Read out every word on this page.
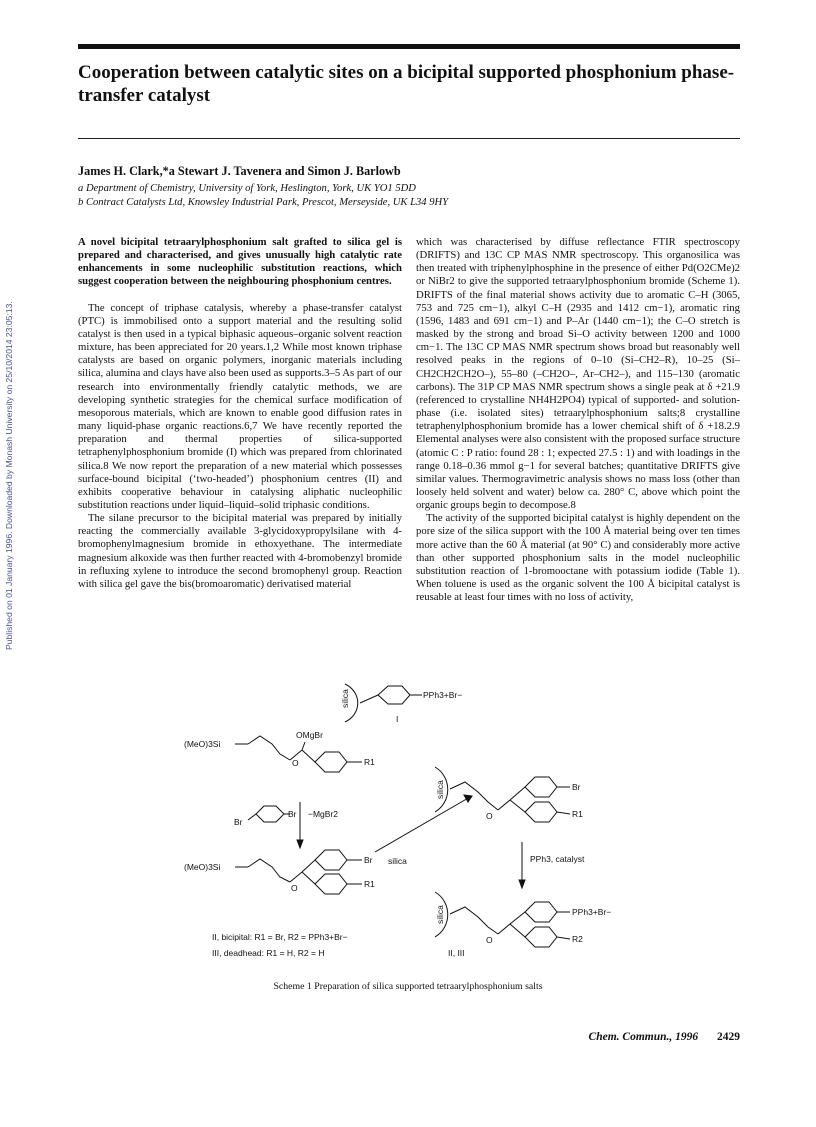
Published on 01 January 1996. Downloaded by Monash University on 25/10/2014 23:05:13.
Cooperation between catalytic sites on a bicipital supported phosphonium phase-transfer catalyst
James H. Clark,*a Stewart J. Tavenera and Simon J. Barlowb
a Department of Chemistry, University of York, Heslington, York, UK YO1 5DD
b Contract Catalysts Ltd, Knowsley Industrial Park, Prescot, Merseyside, UK L34 9HY

A novel bicipital tetraarylphosphonium salt grafted to silica gel is prepared and characterised, and gives unusually high catalytic rate enhancements in some nucleophilic substitution reactions, which suggest cooperation between the neighbouring phosphonium centres.

The concept of triphase catalysis, whereby a phase-transfer catalyst (PTC) is immobilised onto a support material and the resulting solid catalyst is then used in a typical biphasic aqueous–organic solvent reaction mixture, has been appreciated for 20 years.1,2 While most known triphase catalysts are based on organic polymers, inorganic materials including silica, alumina and clays have also been used as supports.3–5 As part of our research into environmentally friendly catalytic methods, we are developing synthetic strategies for the chemical surface modification of mesoporous materials, which are known to enable good diffusion rates in many liquid-phase organic reactions.6,7 We have recently reported the preparation and thermal properties of silica-supported tetraphenylphosphonium bromide (I) which was prepared from chlorinated silica.8 We now report the preparation of a new material which possesses surface-bound bicipital (‘two-headed’) phosphonium centres (II) and exhibits cooperative behaviour in catalysing aliphatic nucleophilic substitution reactions under liquid–liquid–solid triphasic conditions.

The silane precursor to the bicipital material was prepared by initially reacting the commercially available 3-glycidoxypropylsilane with 4-bromophenylmagnesium bromide in ethoxyethane. The intermediate magnesium alkoxide was then further reacted with 4-bromobenzyl bromide in refluxing xylene to introduce the second bromophenyl group. Reaction with silica gel gave the bis(bromoaromatic) derivatised material

which was characterised by diffuse reflectance FTIR spectroscopy (DRIFTS) and 13C CP MAS NMR spectroscopy. This organosilica was then treated with triphenylphosphine in the presence of either Pd(O2CMe)2 or NiBr2 to give the supported tetraarylphosphonium bromide (Scheme 1). DRIFTS of the final material shows activity due to aromatic C–H (3065, 753 and 725 cm−1), alkyl C–H (2935 and 1412 cm−1), aromatic ring (1596, 1483 and 691 cm−1) and P–Ar (1440 cm−1); the C–O stretch is masked by the strong and broad Si–O activity between 1200 and 1000 cm−1. The 13C CP MAS NMR spectrum shows broad but reasonably well resolved peaks in the regions of 0–10 (Si–CH2–R), 10–25 (Si–CH2CH2CH2O–), 55–80 (–CH2O–, Ar–CH2–), and 115–130 (aromatic carbons). The 31P CP MAS NMR spectrum shows a single peak at δ +21.9 (referenced to crystalline NH4H2PO4) typical of supported- and solution-phase (i.e. isolated sites) tetraarylphosphonium salts;8 crystalline tetraphenylphosphonium bromide has a lower chemical shift of δ +18.2.9 Elemental analyses were also consistent with the proposed surface structure (atomic C : P ratio: found 28 : 1; expected 27.5 : 1) and with loadings in the range 0.18–0.36 mmol g−1 for several batches; quantitative DRIFTS give similar values. Thermogravimetric analysis shows no mass loss (other than loosely held solvent and water) below ca. 280° C, above which point the organic groups begin to decompose.8

The activity of the supported bicipital catalyst is highly dependent on the pore size of the silica support with the 100 Å material being over ten times more active than the 60 Å material (at 90° C) and considerably more active than other supported phosphonium salts in the model nucleophilic substitution reaction of 1-bromooctane with potassium iodide (Table 1). When toluene is used as the organic solvent the 100 Å bicipital catalyst is reusable at least four times with no loss of activity,

silica	PPh3+Br−
I
(MeO)3Si
OMgBr
O	R1
Br
Br −MgBr2
(MeO)3Si
O
Br
R1
silica
silica
O
Br
R1
PPh3, catalyst
silica
O
PPh3+Br−
R2
II, bicipital: R1 = Br, R2 = PPh3+Br−
III, deadhead: R1 = H, R2 = H	II, III
Scheme 1 Preparation of silica supported tetraarylphosphonium salts
Chem. Commun., 1996 2429
